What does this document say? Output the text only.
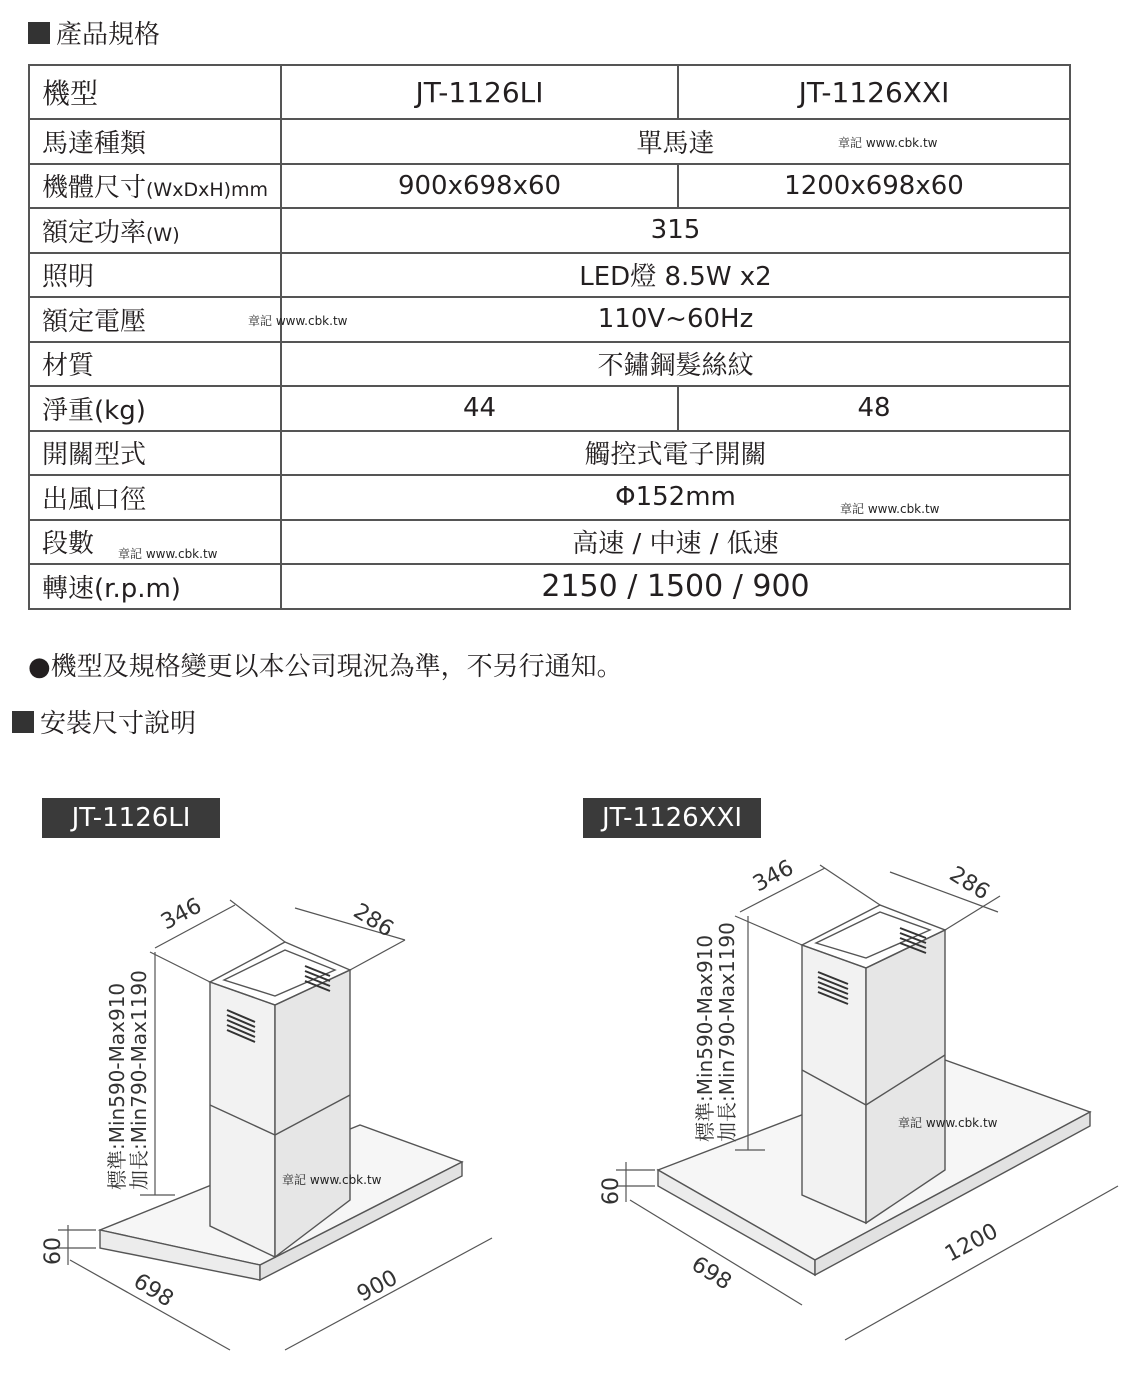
產品規格
機型	JT-1126LI	JT-1126XXI
馬達種類	單馬達 章記 www.cbk.tw	

機體尺寸(WxDxH)mm	900x698x60	1200x698x60
額定功率(W)	315	
照明	LED燈 8.5W x2	
額定電壓 章記 www.cbk.tw	110V~60Hz	
材質	不鏽鋼髮絲紋	
淨重(kg)	44	48
開關型式	觸控式電子開關	
出風口徑	Φ152mm 章記 www.cbk.tw	

段數 章記 www.cbk.tw	高速 / 中速 / 低速	
轉速(r.p.m)	2150 / 1500 / 900	
●機型及規格變更以本公司現況為準，不另行通知。
安裝尺寸說明
JT-1126LI	JT-1126XXI
346	286
標準:Min590-Max910
加長:Min790-Max1190
60
698	900
章記 www.cbk.tw
346	286
標準:Min590-Max910
加長:Min790-Max1190
60
698
1200
章記 www.cbk.tw
